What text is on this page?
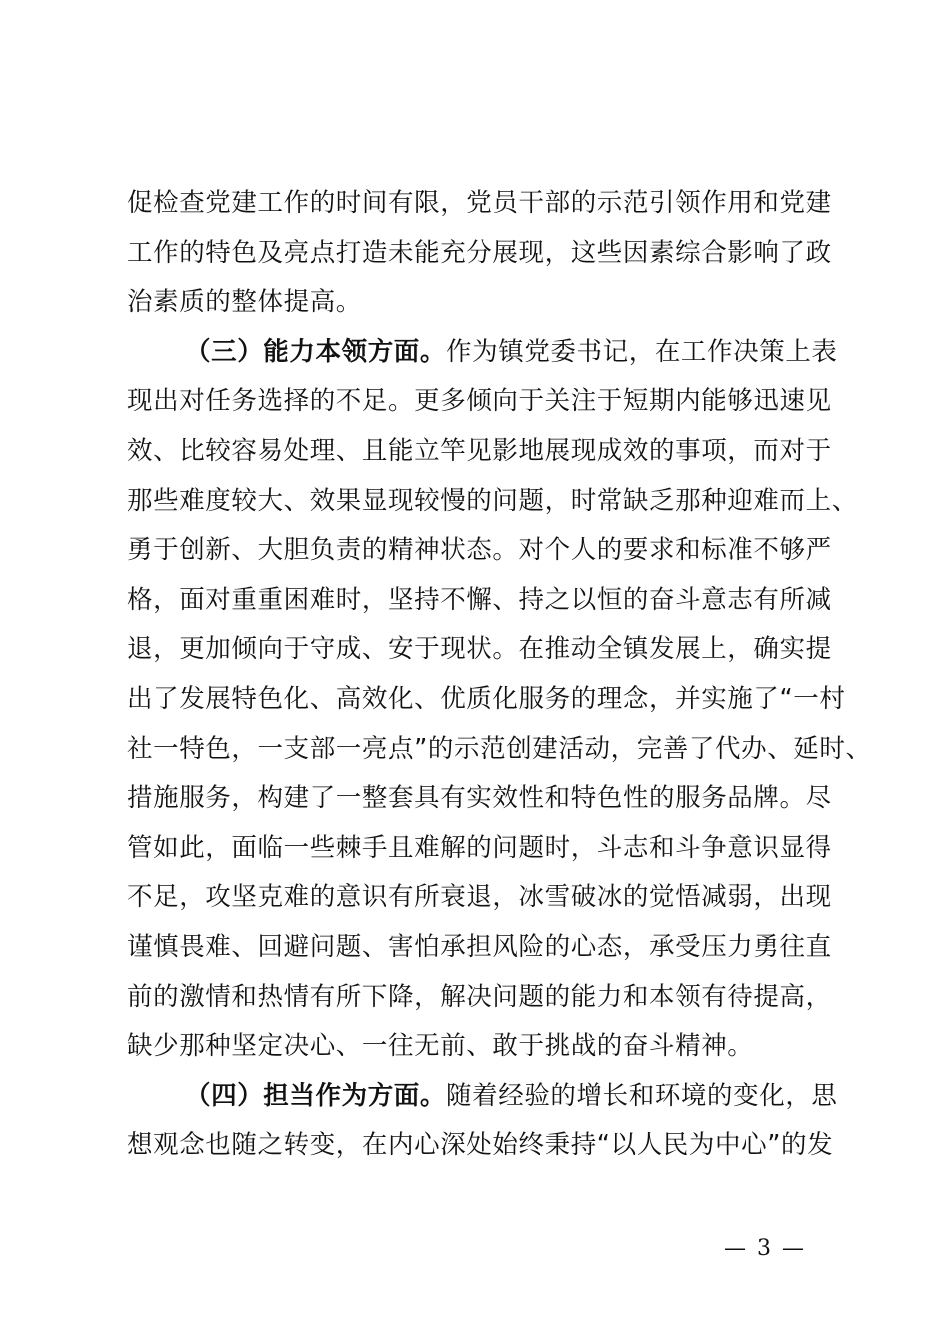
促检查党建工作的时间有限，党员干部的示范引领作用和党建
工作的特色及亮点打造未能充分展现，这些因素综合影响了政
治素质的整体提高。
（三）能力本领方面。作为镇党委书记，在工作决策上表
现出对任务选择的不足。更多倾向于关注于短期内能够迅速见
效、比较容易处理、且能立竿见影地展现成效的事项，而对于
那些难度较大、效果显现较慢的问题，时常缺乏那种迎难而上、
勇于创新、大胆负责的精神状态。对个人的要求和标准不够严
格，面对重重困难时，坚持不懈、持之以恒的奋斗意志有所减
退，更加倾向于守成、安于现状。在推动全镇发展上，确实提
出了发展特色化、高效化、优质化服务的理念，并实施了“一村
社一特色，一支部一亮点”的示范创建活动，完善了代办、延时、
措施服务，构建了一整套具有实效性和特色性的服务品牌。尽
管如此，面临一些棘手且难解的问题时，斗志和斗争意识显得
不足，攻坚克难的意识有所衰退，冰雪破冰的觉悟减弱，出现
谨慎畏难、回避问题、害怕承担风险的心态，承受压力勇往直
前的激情和热情有所下降，解决问题的能力和本领有待提高，
缺少那种坚定决心、一往无前、敢于挑战的奋斗精神。
（四）担当作为方面。随着经验的增长和环境的变化，思
想观念也随之转变，在内心深处始终秉持“以人民为中心”的发
— 3 —
